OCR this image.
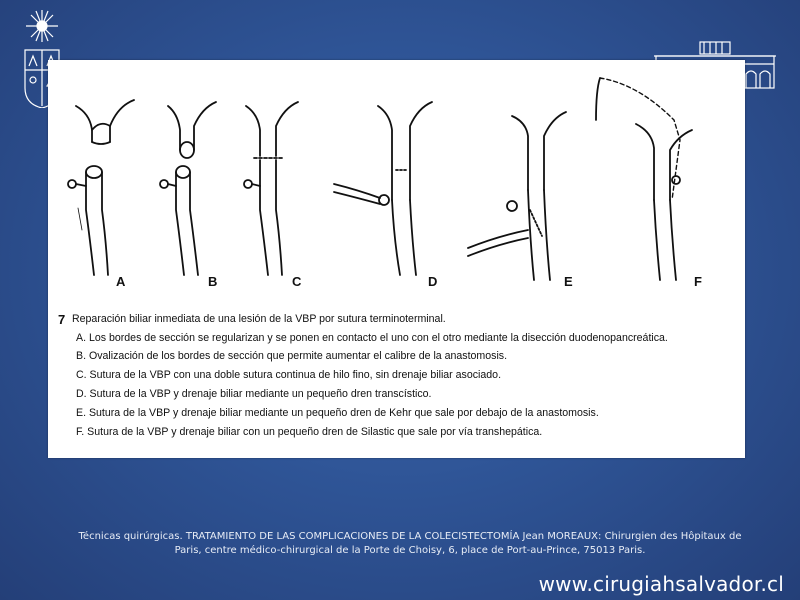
A	B	C	D	E	F
7 Reparación biliar inmediata de una lesión de la VBP por sutura terminoterminal.
A. Los bordes de sección se regularizan y se ponen en contacto el uno con el otro mediante la disección duodenopancreática.
B. Ovalización de los bordes de sección que permite aumentar el calibre de la anastomosis.
C. Sutura de la VBP con una doble sutura continua de hilo fino, sin drenaje biliar asociado.
D. Sutura de la VBP y drenaje biliar mediante un pequeño dren transcístico.
E. Sutura de la VBP y drenaje biliar mediante un pequeño dren de Kehr que sale por debajo de la anastomosis.
F. Sutura de la VBP y drenaje biliar con un pequeño dren de Silastic que sale por vía transhepática.
Técnicas quirúrgicas. TRATAMIENTO DE LAS COMPLICACIONES DE LA COLECISTECTOMÍA Jean MOREAUX: Chirurgien des Hôpitaux de
Paris, centre médico-chirurgical de la Porte de Choisy, 6, place de Port-au-Prince, 75013 Paris.
www.cirugiahsalvador.cl
